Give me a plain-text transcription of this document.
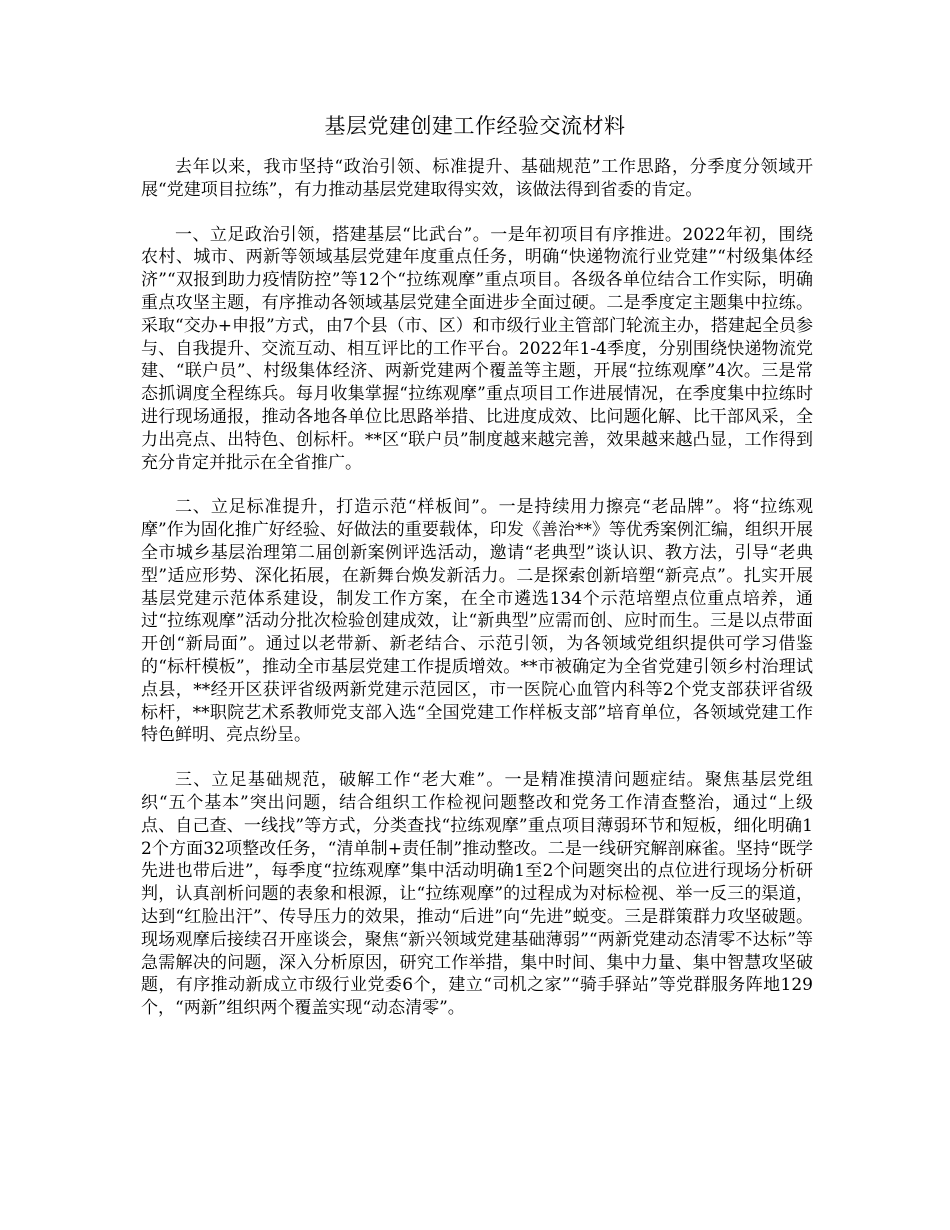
基层党建创建工作经验交流材料

去年以来，我市坚持“政治引领、标准提升、基础规范”工作思路，分季度分领域开展“党建项目拉练”，有力推动基层党建取得实效，该做法得到省委的肯定。

一、立足政治引领，搭建基层“比武台”。一是年初项目有序推进。2022年初，围绕农村、城市、两新等领域基层党建年度重点任务，明确“快递物流行业党建”“村级集体经济”“双报到助力疫情防控”等12个“拉练观摩”重点项目。各级各单位结合工作实际，明确重点攻坚主题，有序推动各领域基层党建全面进步全面过硬。二是季度定主题集中拉练。采取“交办+申报”方式，由7个县（市、区）和市级行业主管部门轮流主办，搭建起全员参与、自我提升、交流互动、相互评比的工作平台。2022年1-4季度，分别围绕快递物流党建、“联户员”、村级集体经济、两新党建两个覆盖等主题，开展“拉练观摩”4次。三是常态抓调度全程练兵。每月收集掌握“拉练观摩”重点项目工作进展情况，在季度集中拉练时进行现场通报，推动各地各单位比思路举措、比进度成效、比问题化解、比干部风采，全力出亮点、出特色、创标杆。**区“联户员”制度越来越完善，效果越来越凸显，工作得到充分肯定并批示在全省推广。

二、立足标准提升，打造示范“样板间”。一是持续用力擦亮“老品牌”。将“拉练观摩”作为固化推广好经验、好做法的重要载体，印发《善治**》等优秀案例汇编，组织开展全市城乡基层治理第二届创新案例评选活动，邀请“老典型”谈认识、教方法，引导“老典型”适应形势、深化拓展，在新舞台焕发新活力。二是探索创新培塑“新亮点”。扎实开展基层党建示范体系建设，制发工作方案，在全市遴选134个示范培塑点位重点培养，通过“拉练观摩”活动分批次检验创建成效，让“新典型”应需而创、应时而生。三是以点带面开创“新局面”。通过以老带新、新老结合、示范引领，为各领域党组织提供可学习借鉴的“标杆模板”，推动全市基层党建工作提质增效。**市被确定为全省党建引领乡村治理试点县，**经开区获评省级两新党建示范园区，市一医院心血管内科等2个党支部获评省级标杆，**职院艺术系教师党支部入选“全国党建工作样板支部”培育单位，各领域党建工作特色鲜明、亮点纷呈。

三、立足基础规范，破解工作“老大难”。一是精准摸清问题症结。聚焦基层党组织“五个基本”突出问题，结合组织工作检视问题整改和党务工作清查整治，通过“上级点、自己查、一线找”等方式，分类查找“拉练观摩”重点项目薄弱环节和短板，细化明确12个方面32项整改任务，“清单制+责任制”推动整改。二是一线研究解剖麻雀。坚持“既学先进也带后进”，每季度“拉练观摩”集中活动明确1至2个问题突出的点位进行现场分析研判，认真剖析问题的表象和根源，让“拉练观摩”的过程成为对标检视、举一反三的渠道，达到“红脸出汗”、传导压力的效果，推动“后进”向“先进”蜕变。三是群策群力攻坚破题。现场观摩后接续召开座谈会，聚焦“新兴领域党建基础薄弱”“两新党建动态清零不达标”等急需解决的问题，深入分析原因，研究工作举措，集中时间、集中力量、集中智慧攻坚破题，有序推动新成立市级行业党委6个，建立“司机之家”“骑手驿站”等党群服务阵地129个，“两新”组织两个覆盖实现“动态清零”。
